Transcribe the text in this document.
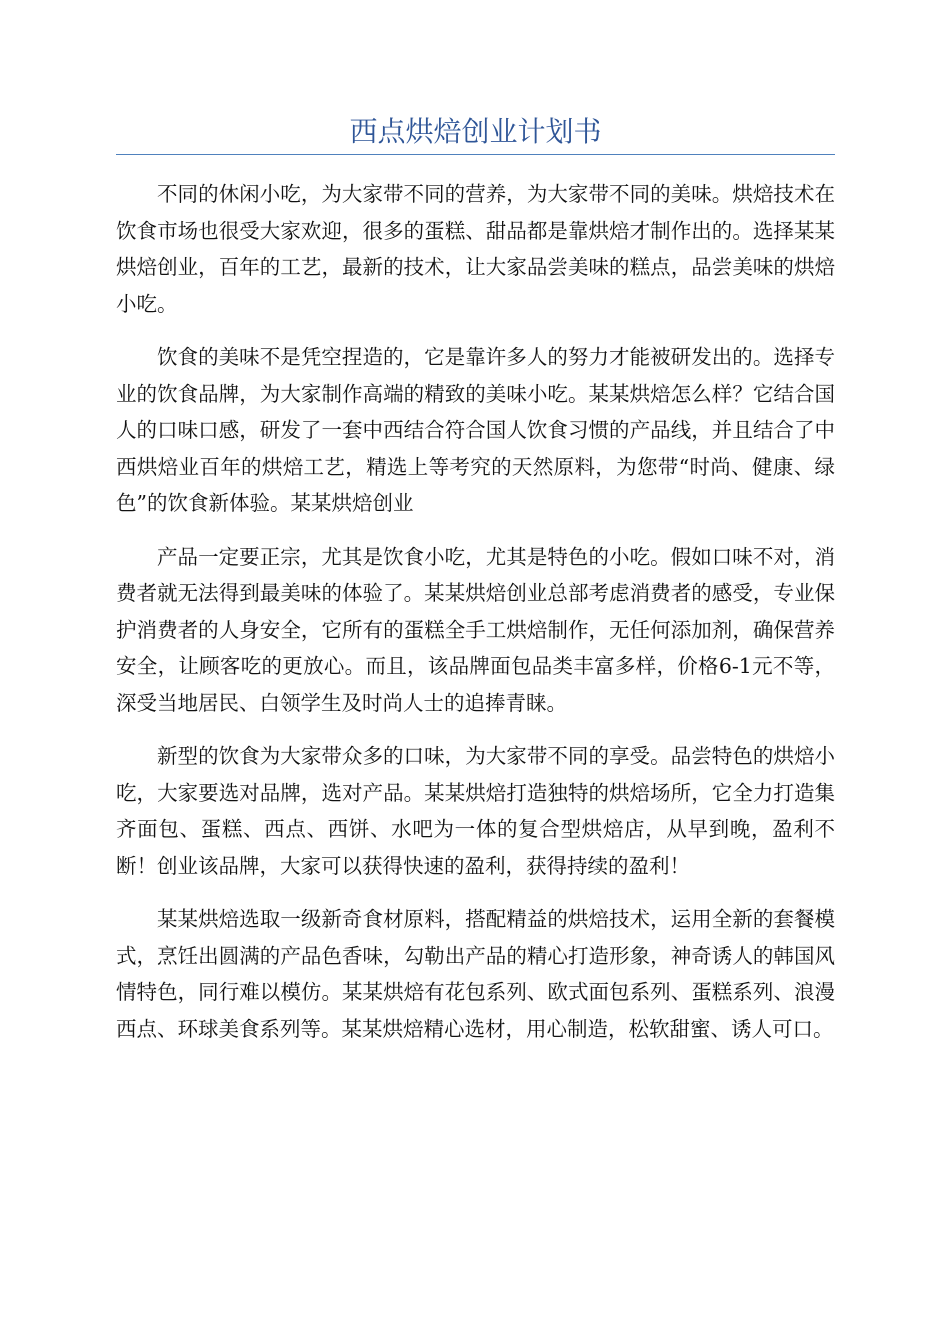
西点烘焙创业计划书

不同的休闲小吃，为大家带不同的营养，为大家带不同的美味。烘焙技术在饮食市场也很受大家欢迎，很多的蛋糕、甜品都是靠烘焙才制作出的。选择某某烘焙创业，百年的工艺，最新的技术，让大家品尝美味的糕点，品尝美味的烘焙小吃。

饮食的美味不是凭空捏造的，它是靠许多人的努力才能被研发出的。选择专业的饮食品牌，为大家制作高端的精致的美味小吃。某某烘焙怎么样？它结合国人的口味口感，研发了一套中西结合符合国人饮食习惯的产品线，并且结合了中西烘焙业百年的烘焙工艺，精选上等考究的天然原料，为您带“时尚、健康、绿色”的饮食新体验。某某烘焙创业

产品一定要正宗，尤其是饮食小吃，尤其是特色的小吃。假如口味不对，消费者就无法得到最美味的体验了。某某烘焙创业总部考虑消费者的感受，专业保护消费者的人身安全，它所有的蛋糕全手工烘焙制作，无任何添加剂，确保营养安全，让顾客吃的更放心。而且，该品牌面包品类丰富多样，价格6-1元不等，深受当地居民、白领学生及时尚人士的追捧青睐。

新型的饮食为大家带众多的口味，为大家带不同的享受。品尝特色的烘焙小吃，大家要选对品牌，选对产品。某某烘焙打造独特的烘焙场所，它全力打造集齐面包、蛋糕、西点、西饼、水吧为一体的复合型烘焙店，从早到晚，盈利不断！创业该品牌，大家可以获得快速的盈利，获得持续的盈利！

某某烘焙选取一级新奇食材原料，搭配精益的烘焙技术，运用全新的套餐模式，烹饪出圆满的产品色香味，勾勒出产品的精心打造形象，神奇诱人的韩国风情特色，同行难以模仿。某某烘焙有花包系列、欧式面包系列、蛋糕系列、浪漫西点、环球美食系列等。某某烘焙精心选材，用心制造，松软甜蜜、诱人可口。
